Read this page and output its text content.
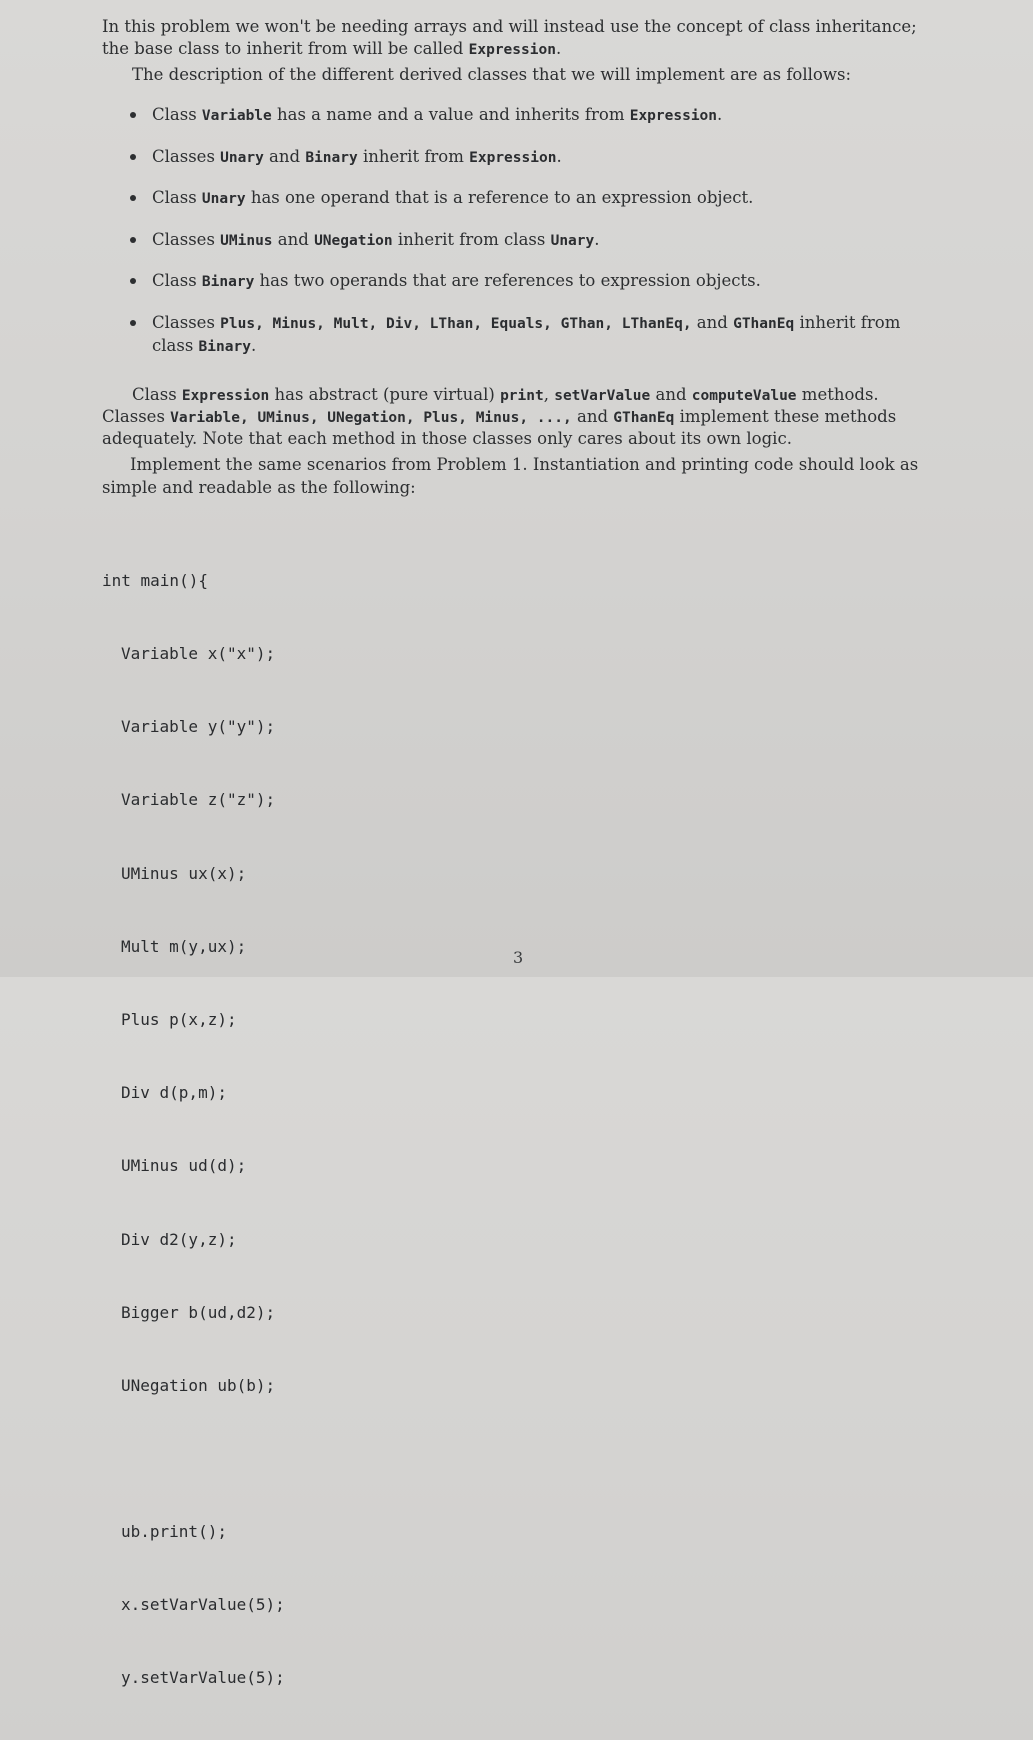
In this problem we won't be needing arrays and will instead use the concept of class inheritance;

the base class to inherit from will be called Expression.

The description of the different derived classes that we will implement are as follows:

Class Variable has a name and a value and inherits from Expression.
Classes Unary and Binary inherit from Expression.
Class Unary has one operand that is a reference to an expression object.
Classes UMinus and UNegation inherit from class Unary.
Class Binary has two operands that are references to expression objects.
Classes Plus, Minus, Mult, Div, LThan, Equals, GThan, LThanEq, and GThanEq inherit from
class Binary.

Class Expression has abstract (pure virtual) print, setVarValue and computeValue methods.

Classes Variable, UMinus, UNegation, Plus, Minus, ..., and GThanEq implement these methods

adequately. Note that each method in those classes only cares about its own logic.

Implement the same scenarios from Problem 1. Instantiation and printing code should look as

simple and readable as the following:

int main(){

Variable x("x");

Variable y("y");

Variable z("z");

UMinus ux(x);

Mult m(y,ux);

Plus p(x,z);

Div d(p,m);

UMinus ud(d);

Div d2(y,z);

Bigger b(ud,d2);

UNegation ub(b);

ub.print();

x.setVarValue(5);

y.setVarValue(5);

3
